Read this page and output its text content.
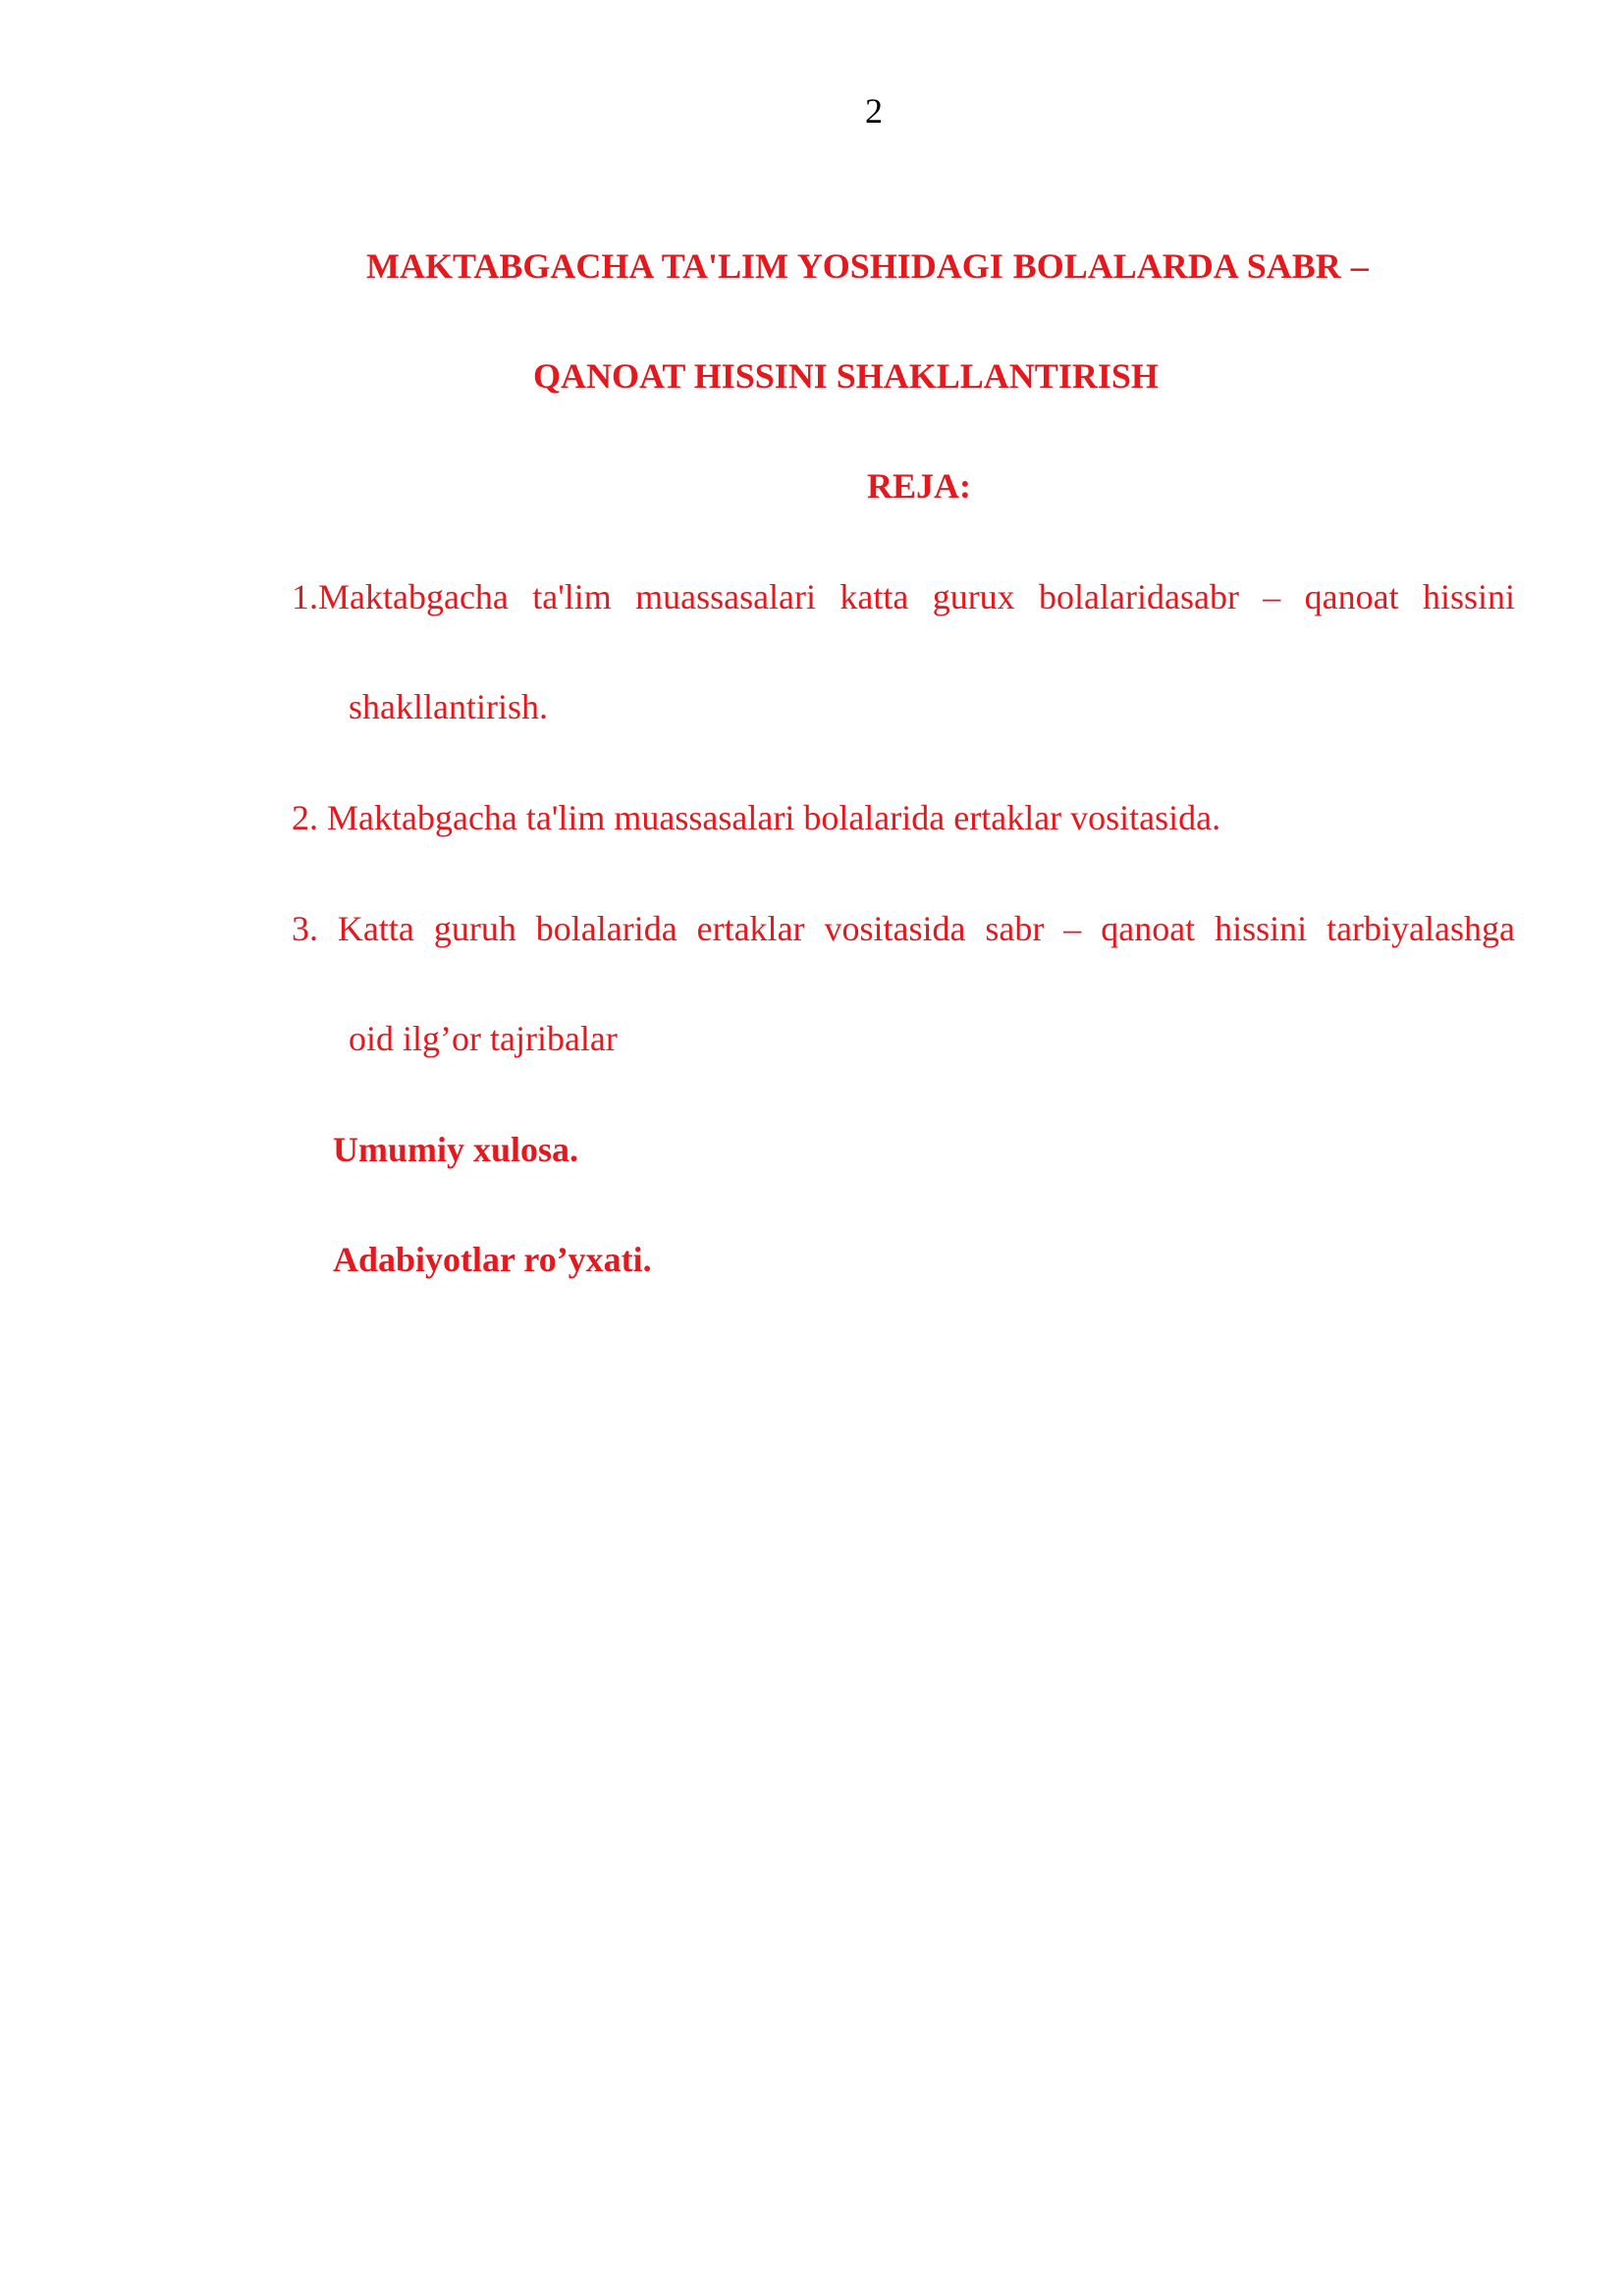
2
MAKTABGACHA TA'LIM YOSHIDAGI BOLALARDA SABR –
QANOAT HISSINI SHAKLLANTIRISH
REJA:
1.Maktabgacha ta'lim muassasalari katta gurux bolalaridasabr – qanoat hissini
shakllantirish.
2. Maktabgacha ta'lim muassasalari bolalarida ertaklar vositasida.
3. Katta guruh bolalarida ertaklar vositasida sabr – qanoat hissini tarbiyalashga
oid ilg’or tajribalar
Umumiy xulosa.
Adabiyotlar ro’yxati.
